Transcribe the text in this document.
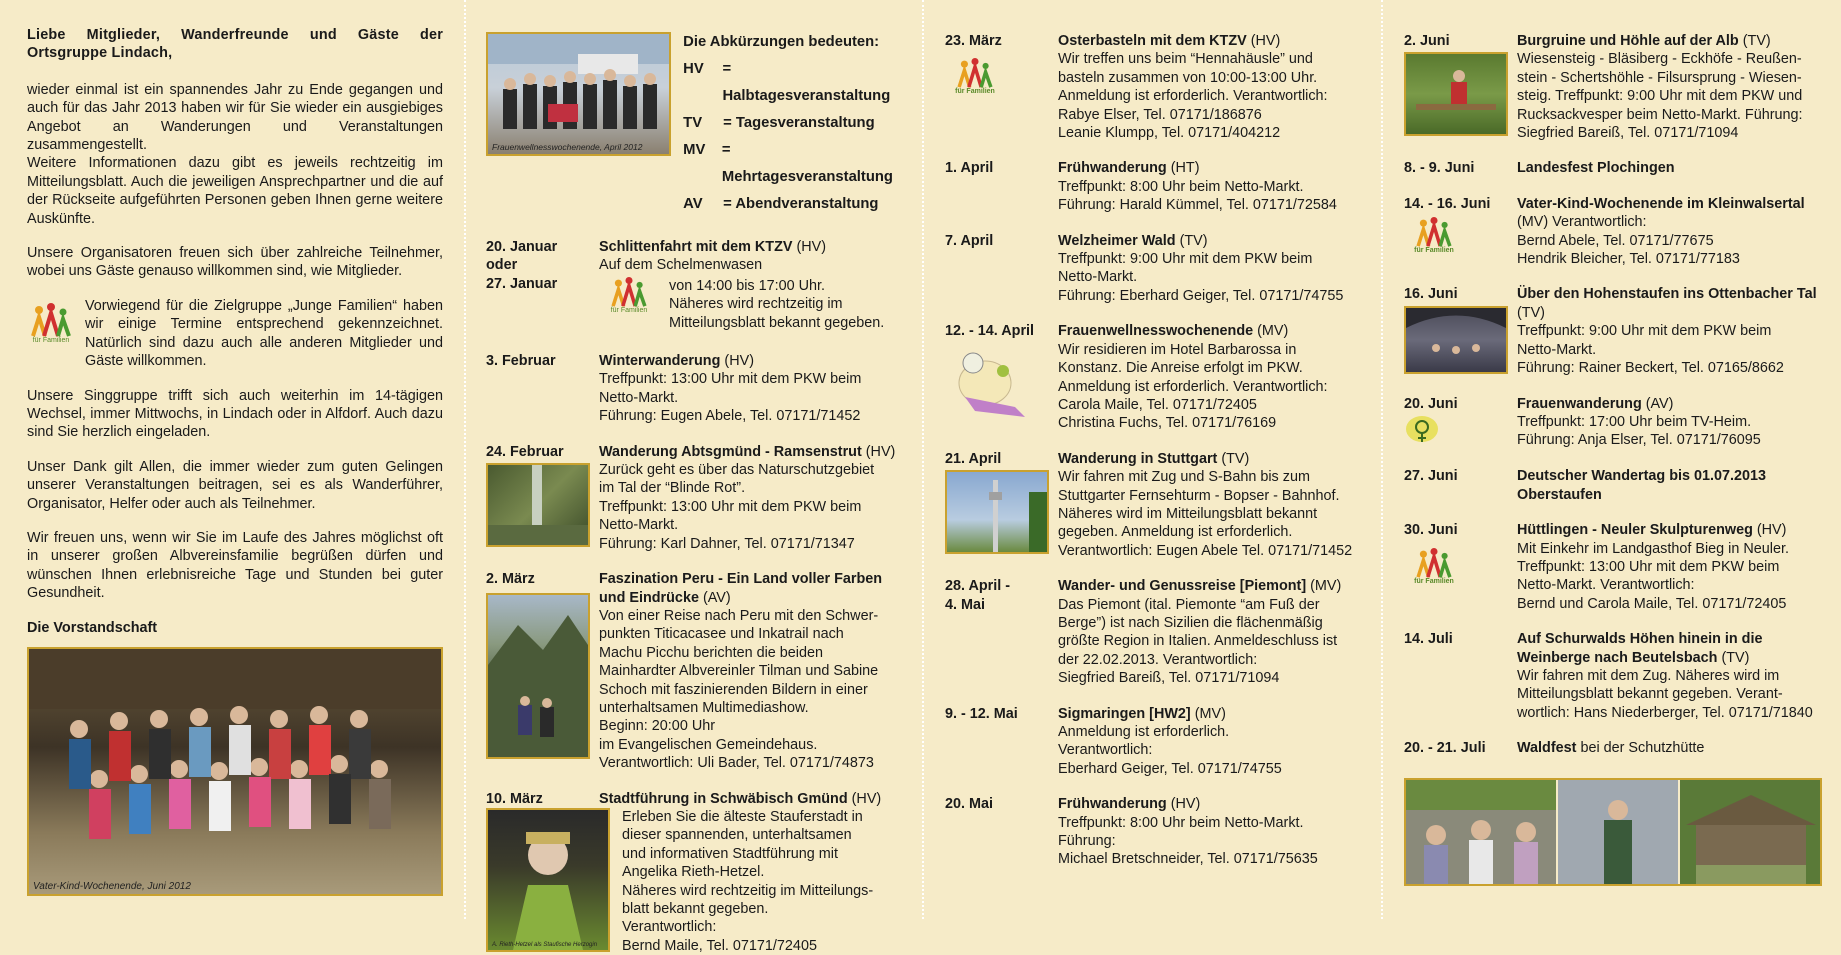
Liebe Mitglieder, Wanderfreunde und Gäste der Ortsgruppe Lindach,

wieder einmal ist ein spannendes Jahr zu Ende gegangen und auch für das Jahr 2013 haben wir für Sie wieder ein ausgiebiges Angebot an Wanderungen und Veranstaltungen zusammengestellt.

Weitere Informationen dazu gibt es jeweils rechtzeitig im Mitteilungsblatt. Auch die jeweiligen Ansprechpartner und die auf der Rückseite aufgeführten Personen geben Ihnen gerne weitere Auskünfte.

Unsere Organisatoren freuen sich über zahlreiche Teilnehmer, wobei uns Gäste genauso willkommen sind, wie Mitglieder.

für Familien
Vorwiegend für die Zielgruppe „Junge Familien“ haben wir einige Termine entsprechend gekennzeichnet. Natürlich sind dazu auch alle anderen Mitglieder und Gäste willkommen.

Unsere Singgruppe trifft sich auch weiterhin im 14-tägigen Wechsel, immer Mittwochs, in Lindach oder in Alfdorf. Auch dazu sind Sie herzlich eingeladen.

Unser Dank gilt Allen, die immer wieder zum guten Gelingen unserer Veranstaltungen beitragen, sei es als Wanderführer, Organisator, Helfer oder auch als Teilnehmer.

Wir freuen uns, wenn wir Sie im Laufe des Jahres möglichst oft in unserer großen Albvereinsfamilie begrüßen dürfen und wünschen Ihnen erlebnisreiche Tage und Stunden bei guter Gesundheit.

Die Vorstandschaft

Vater-Kind-Wochenende, Juni 2012
Frauenwellnesswochenende, April 2012
Die Abkürzungen bedeuten:
HV	= Halbtagesveranstaltung
TV	= Tagesveranstaltung
MV	= Mehrtagesveranstaltung
AV	= Abendveranstaltung
20. Januar
oder
27. Januar
Schlittenfahrt mit dem KTZV (HV)
Auf dem Schelmenwasen
für Familien
von 14:00 bis 17:00 Uhr.
Näheres wird rechtzeitig im
Mitteilungsblatt bekannt gegeben.
3. Februar	Winterwanderung (HV)
Treffpunkt: 13:00 Uhr mit dem PKW beim
Netto-Markt.
Führung: Eugen Abele, Tel. 07171/71452
24. Februar	Wanderung Abtsgmünd - Ramsenstrut (HV)
Zurück geht es über das Naturschutzgebiet
im Tal der “Blinde Rot”.
Treffpunkt: 13:00 Uhr mit dem PKW beim
Netto-Markt.
Führung: Karl Dahner, Tel. 07171/71347
2. März	Faszination Peru - Ein Land voller Farben und Eindrücke (AV)
Von einer Reise nach Peru mit den Schwer-
punkten Titicacasee und Inkatrail nach
Machu Picchu berichten die beiden
Mainhardter Albvereinler Tilman und Sabine
Schoch mit faszinierenden Bildern in einer
unterhaltsamen Multimediashow.
Beginn: 20:00 Uhr
im Evangelischen Gemeindehaus.
Verantwortlich: Uli Bader, Tel. 07171/74873
10. März	Stadtführung in Schwäbisch Gmünd (HV)
A. Rieth-Hetzel als Staufische Herzogin
Erleben Sie die älteste Stauferstadt in
dieser spannenden, unterhaltsamen
und informativen Stadtführung mit
Angelika Rieth-Hetzel.
Näheres wird rechtzeitig im Mitteilungs-
blatt bekannt gegeben.
Verantwortlich:
Bernd Maile, Tel. 07171/72405
23. März
für Familien
Osterbasteln mit dem KTZV (HV)
Wir treffen uns beim “Hennahäusle” und
basteln zusammen von 10:00-13:00 Uhr.
Anmeldung ist erforderlich. Verantwortlich:
Rabye Elser, Tel. 07171/186876
Leanie Klumpp, Tel. 07171/404212
1. April	Frühwanderung (HT)
Treffpunkt: 8:00 Uhr beim Netto-Markt.
Führung: Harald Kümmel, Tel. 07171/72584
7. April	Welzheimer Wald (TV)
Treffpunkt: 9:00 Uhr mit dem PKW beim
Netto-Markt.
Führung: Eberhard Geiger, Tel. 07171/74755
12. - 14. April	Frauenwellnesswochenende (MV)
Wir residieren im Hotel Barbarossa in
Konstanz. Die Anreise erfolgt im PKW.
Anmeldung ist erforderlich. Verantwortlich:
Carola Maile, Tel. 07171/72405
Christina Fuchs, Tel. 07171/76169
21. April	Wanderung in Stuttgart (TV)
Wir fahren mit Zug und S-Bahn bis zum
Stuttgarter Fernsehturm - Bopser - Bahnhof.
Näheres wird im Mitteilungsblatt bekannt
gegeben. Anmeldung ist erforderlich.
Verantwortlich: Eugen Abele Tel. 07171/71452
28. April -
4. Mai
Wander- und Genussreise [Piemont] (MV)
Das Piemont (ital. Piemonte “am Fuß der
Berge”) ist nach Sizilien die flächenmäßig
größte Region in Italien. Anmeldeschluss ist
der 22.02.2013. Verantwortlich:
Siegfried Bareiß, Tel. 07171/71094
9. - 12. Mai	Sigmaringen [HW2] (MV)
Anmeldung ist erforderlich.
Verantwortlich:
Eberhard Geiger, Tel. 07171/74755
20. Mai	Frühwanderung (HV)
Treffpunkt: 8:00 Uhr beim Netto-Markt.
Führung:
Michael Bretschneider, Tel. 07171/75635
2. Juni	Burgruine und Höhle auf der Alb (TV)
Wiesensteig - Bläsiberg - Eckhöfe - Reußen-
stein - Schertshöhle - Filsursprung - Wiesen-
steig. Treffpunkt: 9:00 Uhr mit dem PKW und
Rucksackvesper beim Netto-Markt. Führung:
Siegfried Bareiß, Tel. 07171/71094
8. - 9. Juni	Landesfest Plochingen
14. - 16. Juni
für Familien
Vater-Kind-Wochenende im Kleinwalsertal
(MV) Verantwortlich:
Bernd Abele, Tel. 07171/77675
Hendrik Bleicher, Tel. 07171/77183
16. Juni	Über den Hohenstaufen ins Ottenbacher Tal (TV)
Treffpunkt: 9:00 Uhr mit dem PKW beim
Netto-Markt.
Führung: Rainer Beckert, Tel. 07165/8662
20. Juni	Frauenwanderung (AV)
Treffpunkt: 17:00 Uhr beim TV-Heim.
Führung: Anja Elser, Tel. 07171/76095
27. Juni	Deutscher Wandertag bis 01.07.2013 Oberstaufen
30. Juni
für Familien
Hüttlingen - Neuler Skulpturenweg (HV)
Mit Einkehr im Landgasthof Bieg in Neuler.
Treffpunkt: 13:00 Uhr mit dem PKW beim
Netto-Markt. Verantwortlich:
Bernd und Carola Maile, Tel. 07171/72405
14. Juli	Auf Schurwalds Höhen hinein in die Weinberge nach Beutelsbach (TV)
Wir fahren mit dem Zug. Näheres wird im
Mitteilungsblatt bekannt gegeben. Verant-
wortlich: Hans Niederberger, Tel. 07171/71840
20. - 21. Juli	Waldfest bei der Schutzhütte
